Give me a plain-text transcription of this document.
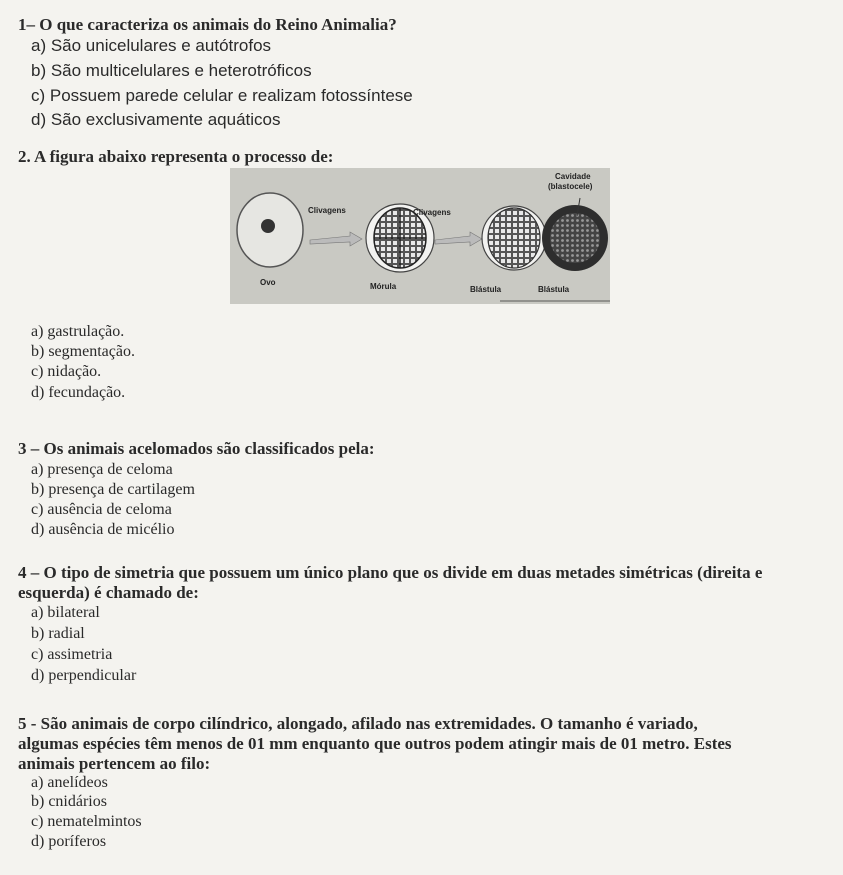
1– O que caracteriza os animais do Reino Animalia?
a) São unicelulares e autótrofos
b) São multicelulares e heterotróficos
c) Possuem parede celular e realizam fotossíntese
d) São exclusivamente aquáticos
2. A figura abaixo representa o processo de:
Cavidade
(blastocele)
Clivagens	Clivagens
Ovo	Mórula	Blástula	Blástula
a) gastrulação.
b) segmentação.
c) nidação.
d) fecundação.
3 – Os animais acelomados são classificados pela:
a) presença de celoma
b) presença de cartilagem
c) ausência de celoma
d) ausência de micélio
4 – O tipo de simetria que possuem um único plano que os divide em duas metades simétricas (direita e
esquerda) é chamado de:
a) bilateral
b) radial
c) assimetria
d) perpendicular
5 - São animais de corpo cilíndrico, alongado, afilado nas extremidades. O tamanho é variado,
algumas espécies têm menos de 01 mm enquanto que outros podem atingir mais de 01 metro. Estes
animais pertencem ao filo:
a) anelídeos
b) cnidários
c) nematelmintos
d) poríferos
